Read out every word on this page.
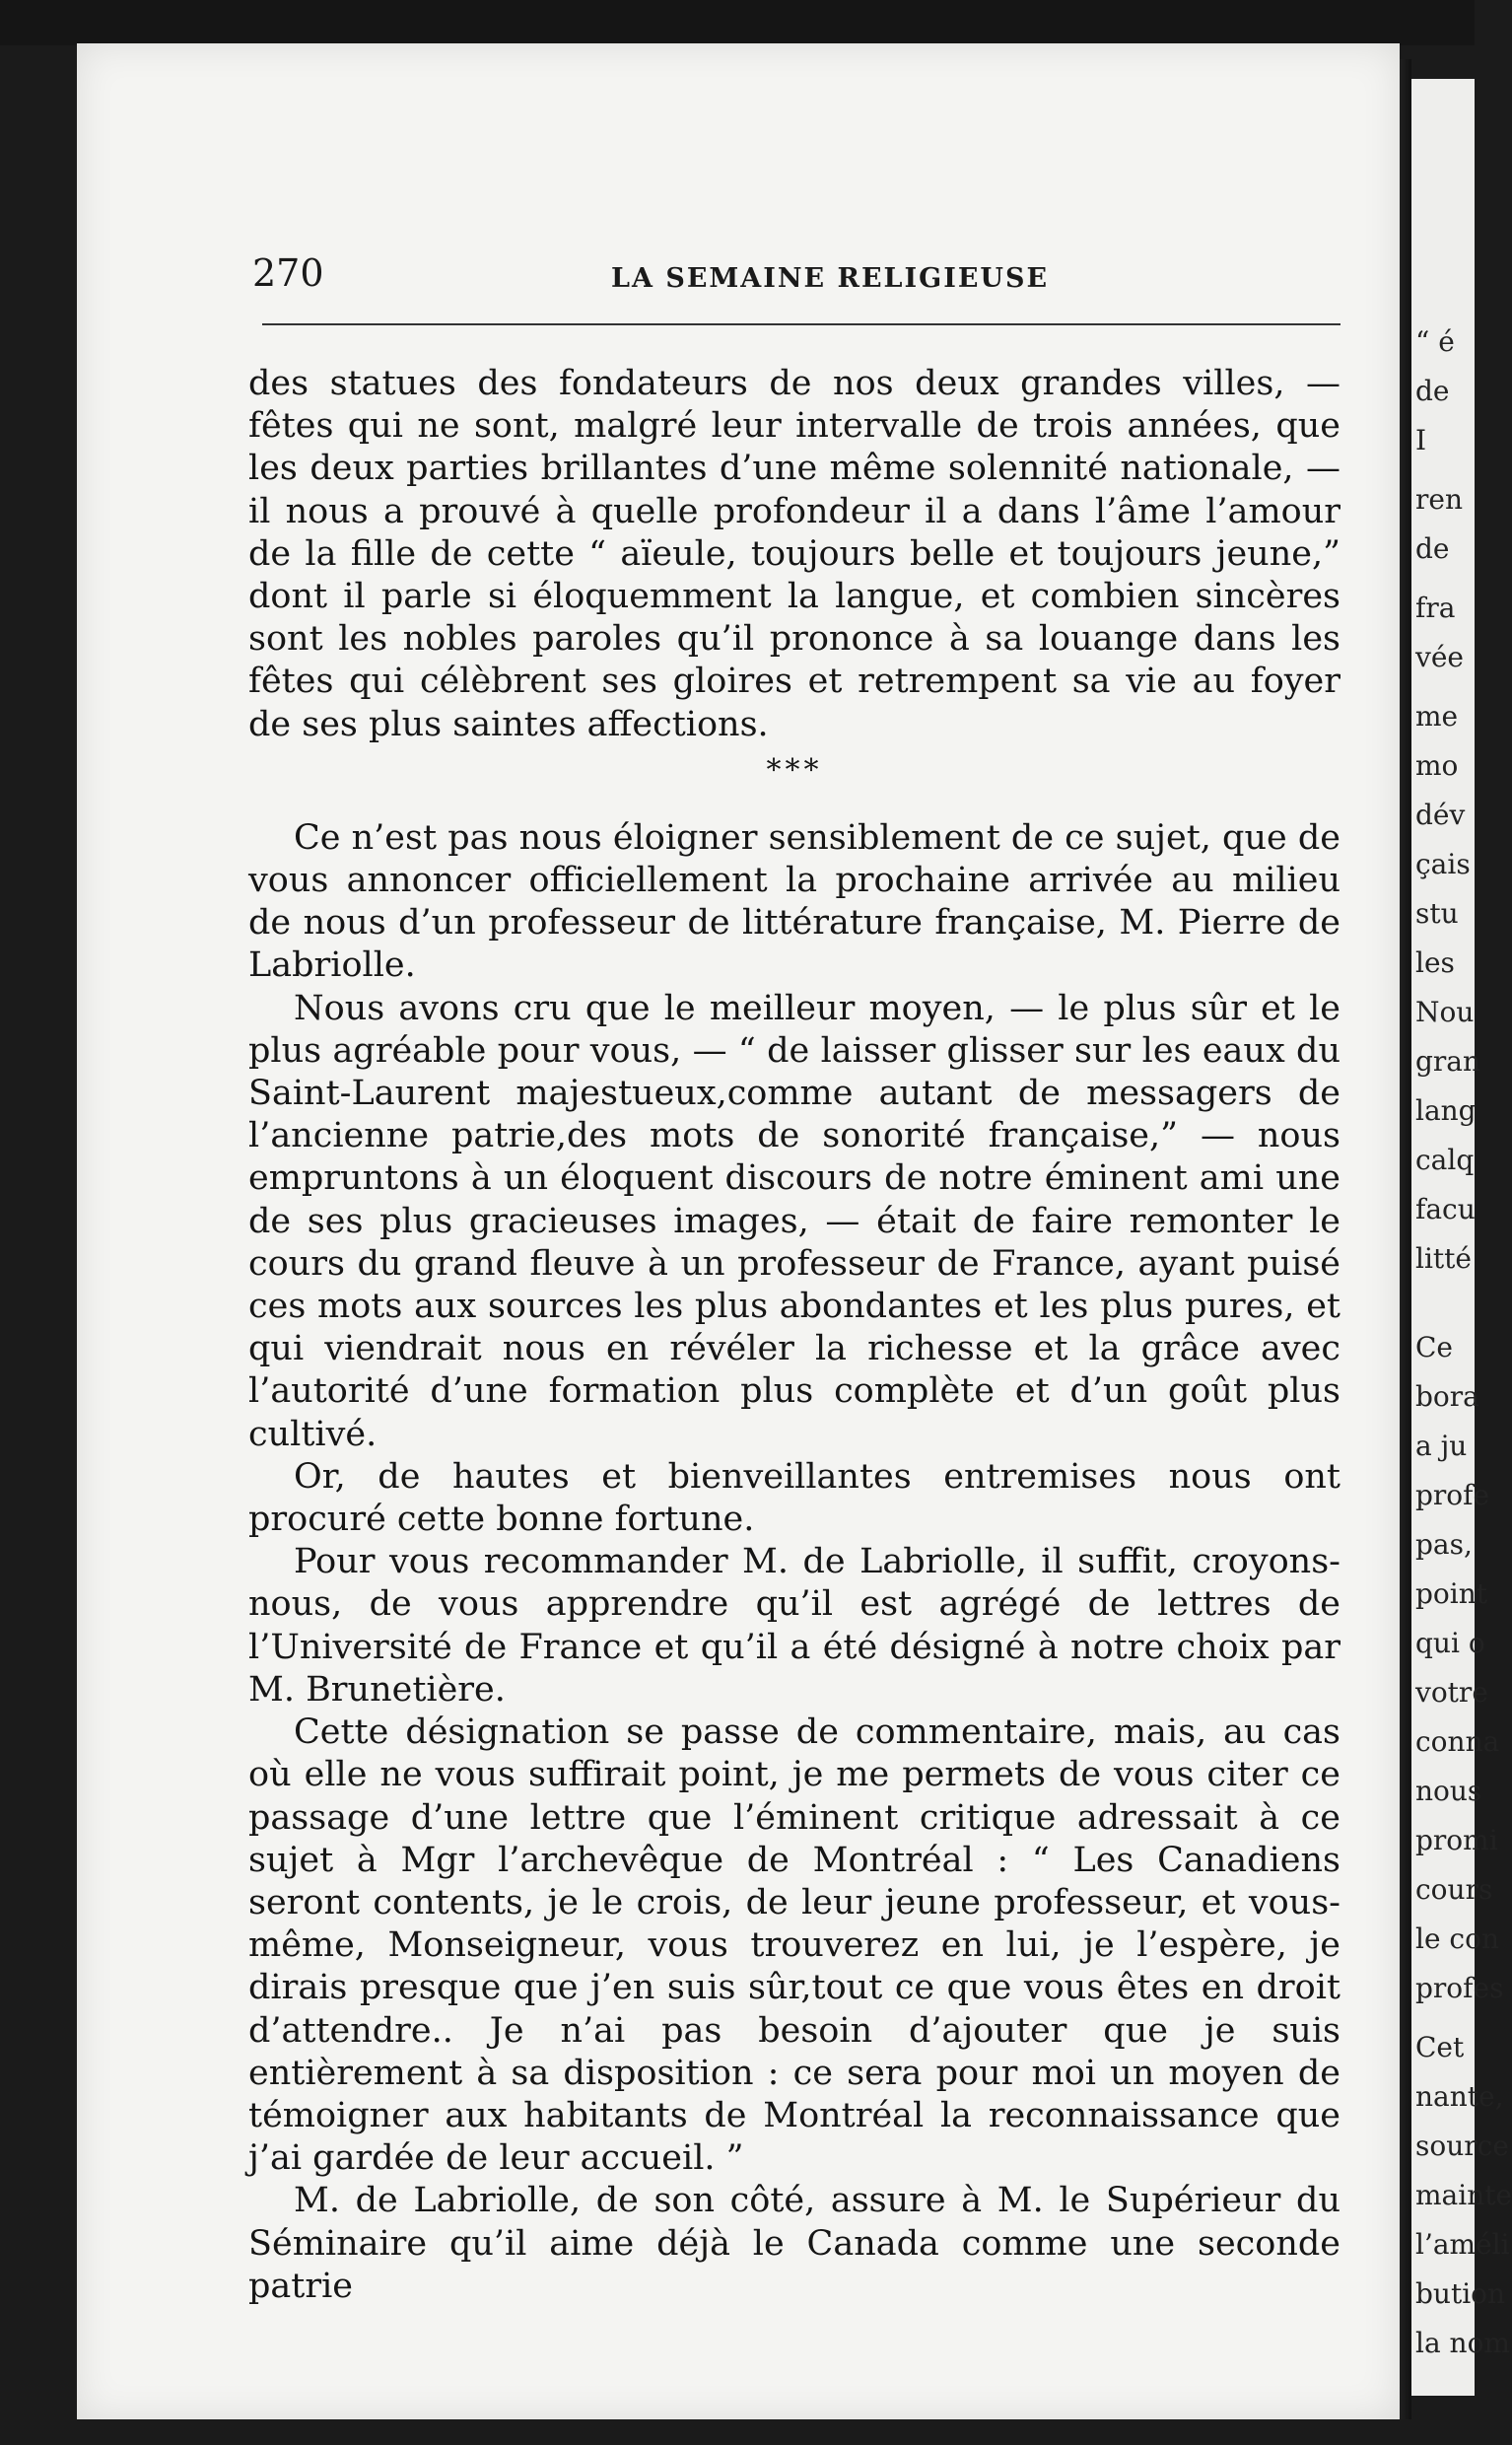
“ é
de
I
ren
de
fra
vée
me
mo
dév
çais
stu
les
Nou
gran
lang
calq
facu
litté
Ce
bora
a ju
profe
pas,
point
qui o
votre
conna
nous
promi
cours
le con
profes
Cet
nante,
source
mainte
l’améli
bution
la nom
270	LA SEMAINE RELIGIEUSE

des statues des fondateurs de nos deux grandes villes, — fêtes qui ne sont, malgré leur intervalle de trois années, que les deux parties brillantes d’une même solennité nationale, — il nous a prouvé à quelle profondeur il a dans l’âme l’amour de la fille de cette “ aïeule, toujours belle et toujours jeune,” dont il parle si éloquemment la langue, et combien sincères sont les nobles paroles qu’il prononce à sa louange dans les fêtes qui célèbrent ses gloires et retrempent sa vie au foyer de ses plus saintes affections.

***

Ce n’est pas nous éloigner sensiblement de ce sujet, que de vous annoncer officiellement la prochaine arrivée au milieu de nous d’un professeur de littérature française, M. Pierre de Labriolle.

Nous avons cru que le meilleur moyen, — le plus sûr et le plus agréable pour vous, — “ de laisser glisser sur les eaux du Saint-Laurent majestueux,comme autant de messagers de l’ancienne patrie,des mots de sonorité française,” — nous empruntons à un éloquent discours de notre éminent ami une de ses plus gracieuses images, — était de faire remonter le cours du grand fleuve à un professeur de France, ayant puisé ces mots aux sources les plus abondantes et les plus pures, et qui viendrait nous en révéler la richesse et la grâce avec l’autorité d’une formation plus complète et d’un goût plus cultivé.

Or, de hautes et bienveillantes entremises nous ont procuré cette bonne fortune.

Pour vous recommander M. de Labriolle, il suffit, croyons-nous, de vous apprendre qu’il est agrégé de lettres de l’Université de France et qu’il a été désigné à notre choix par M. Brunetière.

Cette désignation se passe de commentaire, mais, au cas où elle ne vous suffirait point, je me permets de vous citer ce passage d’une lettre que l’éminent critique adressait à ce sujet à Mgr l’archevêque de Montréal : “ Les Canadiens seront contents, je le crois, de leur jeune professeur, et vous-même, Monseigneur, vous trouverez en lui, je l’espère, je dirais presque que j’en suis sûr,tout ce que vous êtes en droit d’attendre.. Je n’ai pas besoin d’ajouter que je suis entièrement à sa disposition : ce sera pour moi un moyen de témoigner aux habitants de Montréal la reconnaissance que j’ai gardée de leur accueil. ”

M. de Labriolle, de son côté, assure à M. le Supérieur du Séminaire qu’il aime déjà le Canada comme une seconde patrie
